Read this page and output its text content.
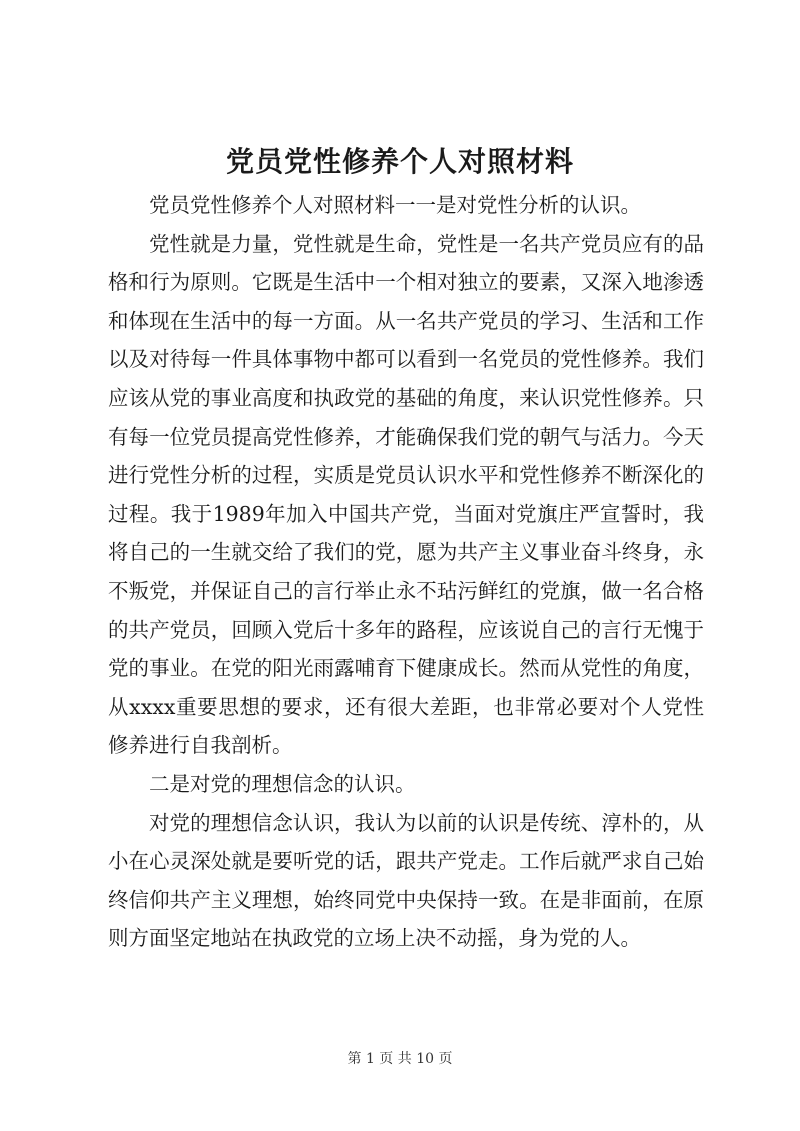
党员党性修养个人对照材料

党员党性修养个人对照材料一一是对党性分析的认识。

党性就是力量，党性就是生命，党性是一名共产党员应有的品格和行为原则。它既是生活中一个相对独立的要素，又深入地渗透和体现在生活中的每一方面。从一名共产党员的学习、生活和工作以及对待每一件具体事物中都可以看到一名党员的党性修养。我们应该从党的事业高度和执政党的基础的角度，来认识党性修养。只有每一位党员提高党性修养，才能确保我们党的朝气与活力。今天进行党性分析的过程，实质是党员认识水平和党性修养不断深化的过程。我于1989年加入中国共产党，当面对党旗庄严宣誓时，我将自己的一生就交给了我们的党，愿为共产主义事业奋斗终身，永不叛党，并保证自己的言行举止永不玷污鲜红的党旗，做一名合格的共产党员，回顾入党后十多年的路程，应该说自己的言行无愧于党的事业。在党的阳光雨露哺育下健康成长。然而从党性的角度，从xxxx重要思想的要求，还有很大差距，也非常必要对个人党性修养进行自我剖析。

二是对党的理想信念的认识。

对党的理想信念认识，我认为以前的认识是传统、淳朴的，从小在心灵深处就是要听党的话，跟共产党走。工作后就严求自己始终信仰共产主义理想，始终同党中央保持一致。在是非面前，在原则方面坚定地站在执政党的立场上决不动摇，身为党的人。

第 1 页 共 10 页
